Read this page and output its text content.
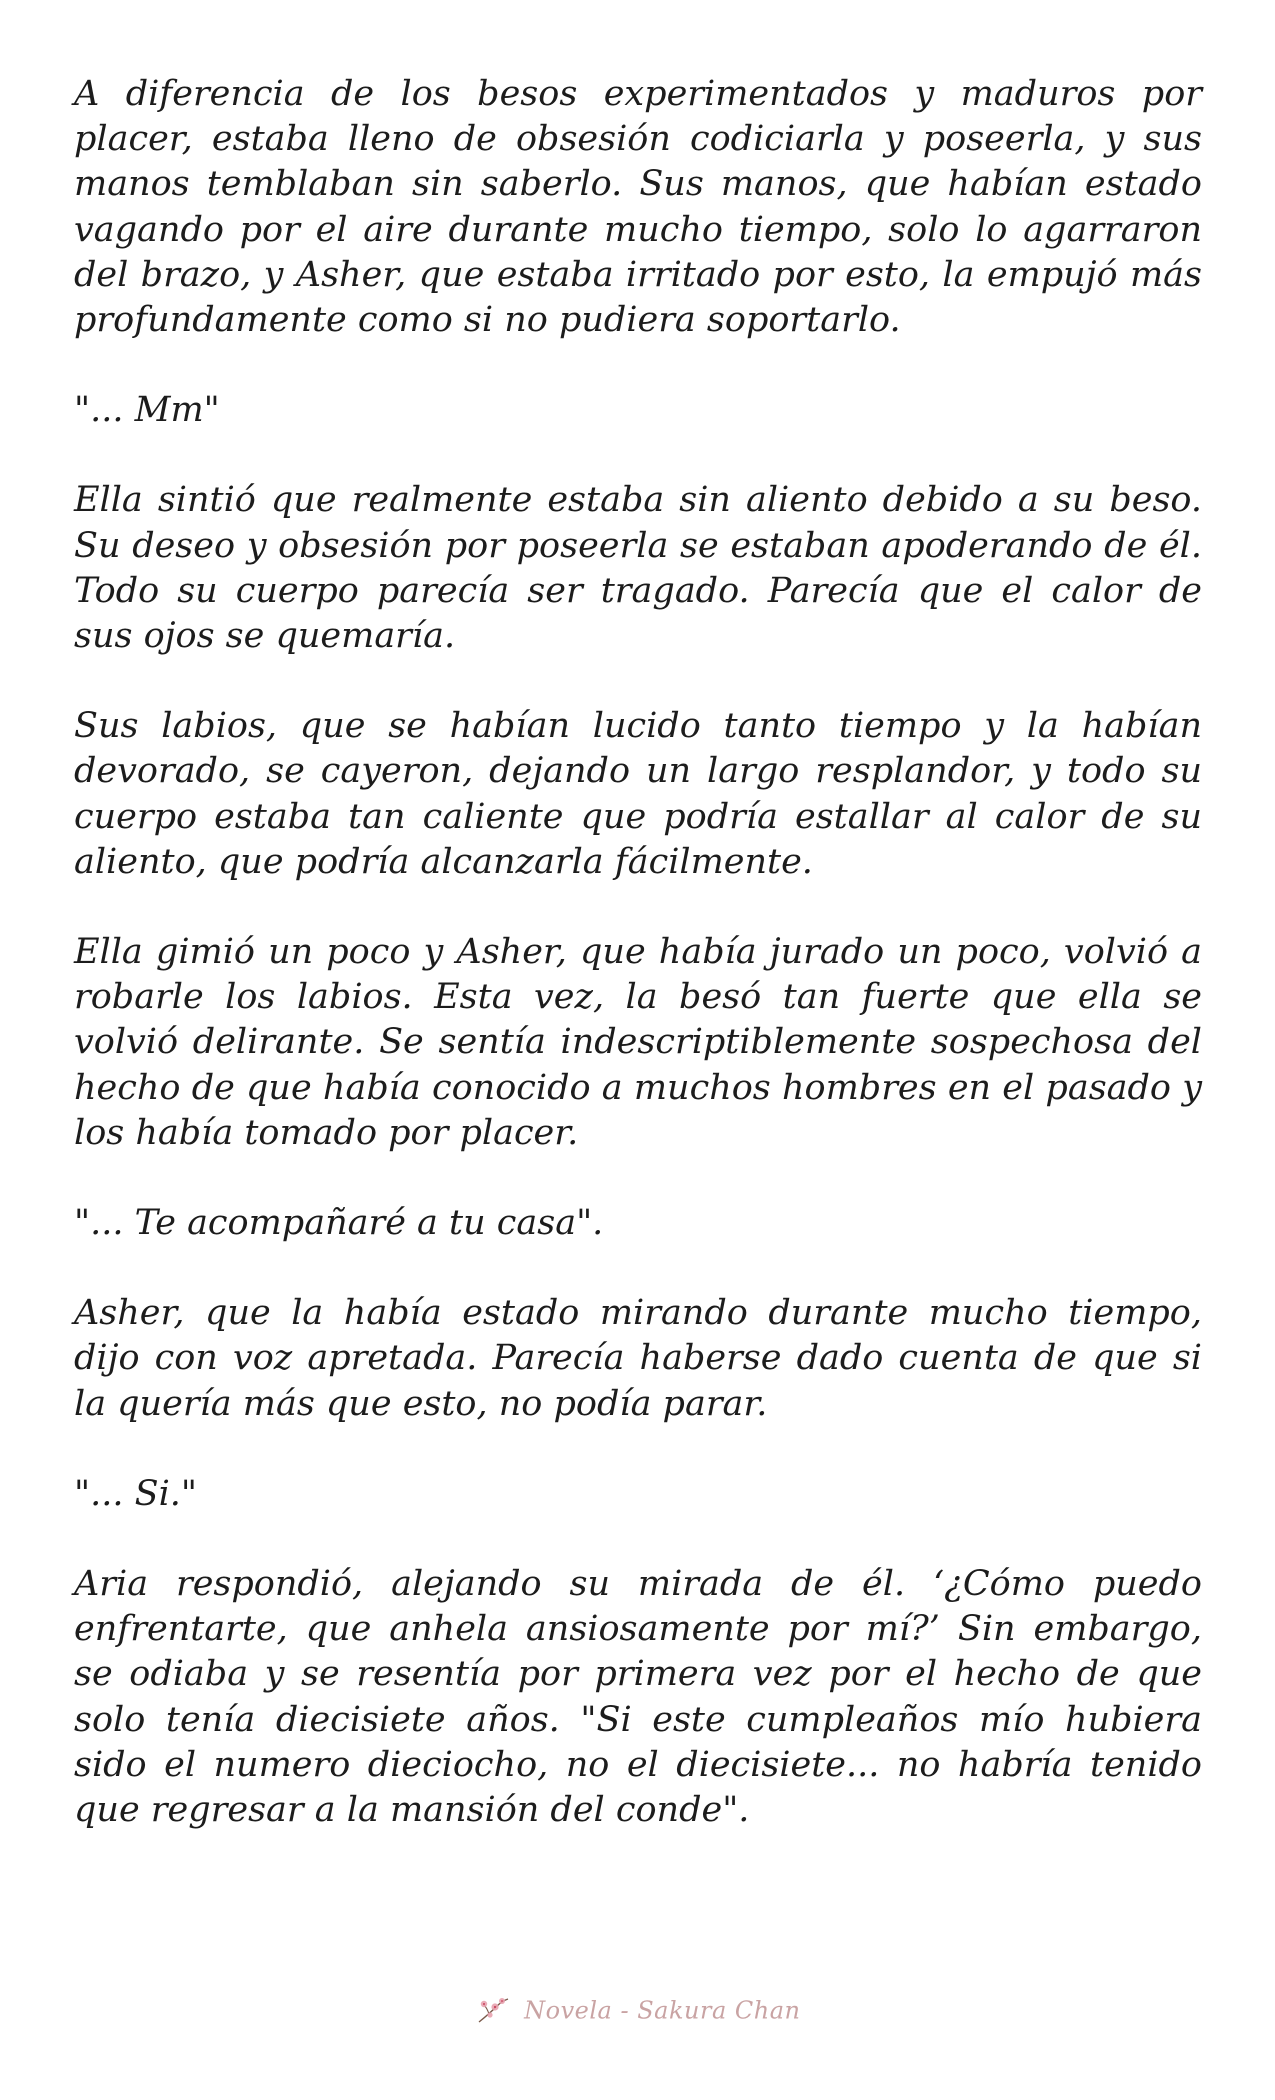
A diferencia de los besos experimentados y maduros por placer, estaba lleno de obsesión codiciarla y poseerla, y sus manos temblaban sin saberlo. Sus manos, que habían estado vagando por el aire durante mucho tiempo, solo lo agarraron del brazo, y Asher, que estaba irritado por esto, la empujó más profundamente como si no pudiera soportarlo.

"... Mm"

Ella sintió que realmente estaba sin aliento debido a su beso. Su deseo y obsesión por poseerla se estaban apoderando de él. Todo su cuerpo parecía ser tragado. Parecía que el calor de sus ojos se quemaría.

Sus labios, que se habían lucido tanto tiempo y la habían devorado, se cayeron, dejando un largo resplandor, y todo su cuerpo estaba tan caliente que podría estallar al calor de su aliento, que podría alcanzarla fácilmente.

Ella gimió un poco y Asher, que había jurado un poco, volvió a robarle los labios. Esta vez, la besó tan fuerte que ella se volvió delirante. Se sentía indescriptiblemente sospechosa del hecho de que había conocido a muchos hombres en el pasado y los había tomado por placer.

"... Te acompañaré a tu casa".

Asher, que la había estado mirando durante mucho tiempo, dijo con voz apretada. Parecía haberse dado cuenta de que si la quería más que esto, no podía parar.

"... Si."

Aria respondió, alejando su mirada de él. ‘¿Cómo puedo enfrentarte, que anhela ansiosamente por mí?’ Sin embargo, se odiaba y se resentía por primera vez por el hecho de que solo tenía diecisiete años. "Si este cumpleaños mío hubiera sido el numero dieciocho, no el diecisiete... no habría tenido que regresar a la mansión del conde".

Novela - Sakura Chan
